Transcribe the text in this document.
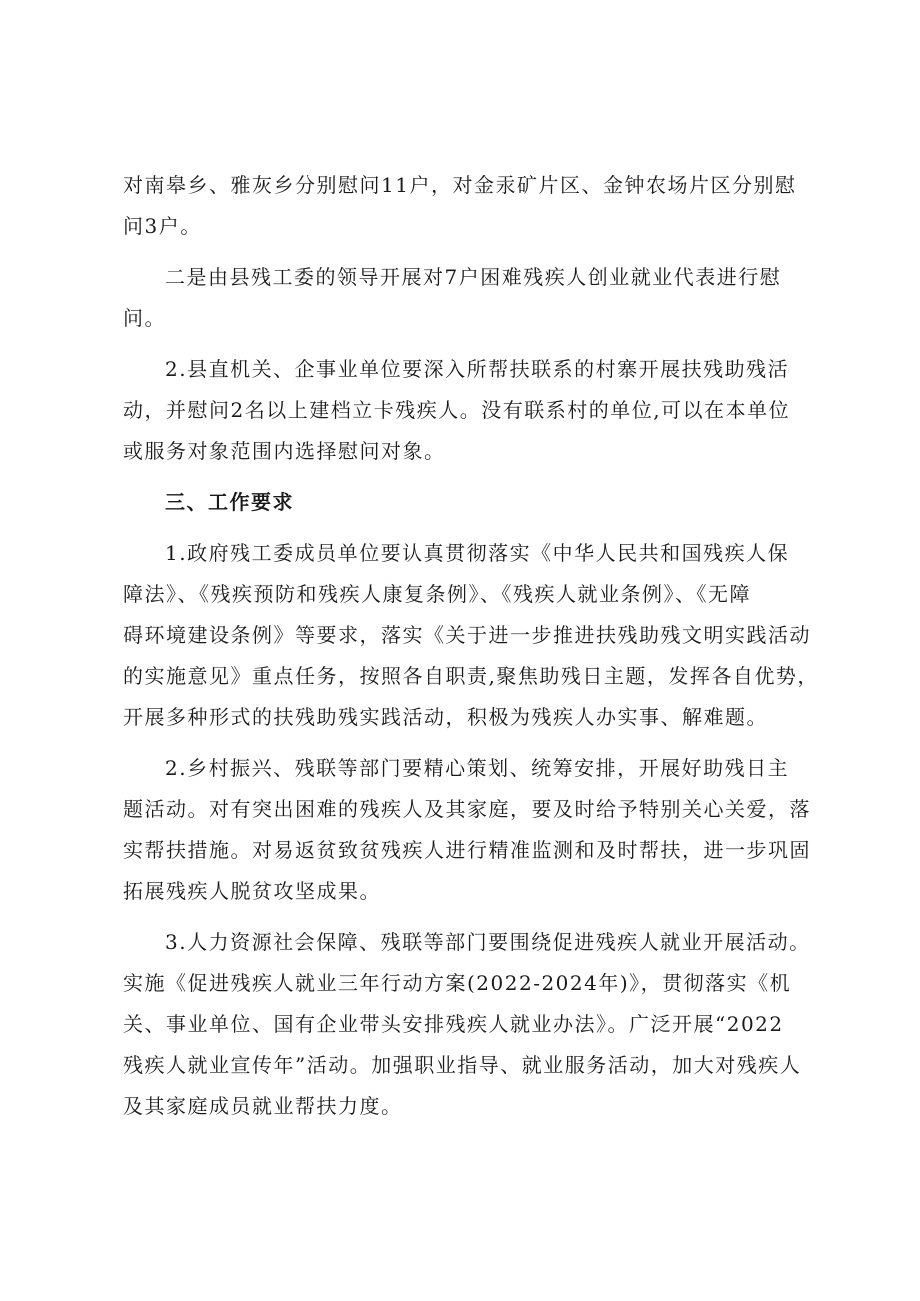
对南皋乡、雅灰乡分别慰问11户，对金汞矿片区、金钟农场片区分别慰
问3户。
二是由县残工委的领导开展对7户困难残疾人创业就业代表进行慰
问。
2.县直机关、企事业单位要深入所帮扶联系的村寨开展扶残助残活
动，并慰问2名以上建档立卡残疾人。没有联系村的单位,可以在本单位
或服务对象范围内选择慰问对象。
三、工作要求
1.政府残工委成员单位要认真贯彻落实《中华人民共和国残疾人保
障法》、《残疾预防和残疾人康复条例》、《残疾人就业条例》、《无障
碍环境建设条例》等要求，落实《关于进一步推进扶残助残文明实践活动
的实施意见》重点任务，按照各自职责,聚焦助残日主题，发挥各自优势，
开展多种形式的扶残助残实践活动，积极为残疾人办实事、解难题。
2.乡村振兴、残联等部门要精心策划、统筹安排，开展好助残日主
题活动。对有突出困难的残疾人及其家庭，要及时给予特别关心关爱，落
实帮扶措施。对易返贫致贫残疾人进行精准监测和及时帮扶，进一步巩固
拓展残疾人脱贫攻坚成果。
3.人力资源社会保障、残联等部门要围绕促进残疾人就业开展活动。
实施《促进残疾人就业三年行动方案(2022-2024年)》，贯彻落实《机
关、事业单位、国有企业带头安排残疾人就业办法》。广泛开展“2022
残疾人就业宣传年”活动。加强职业指导、就业服务活动，加大对残疾人
及其家庭成员就业帮扶力度。
